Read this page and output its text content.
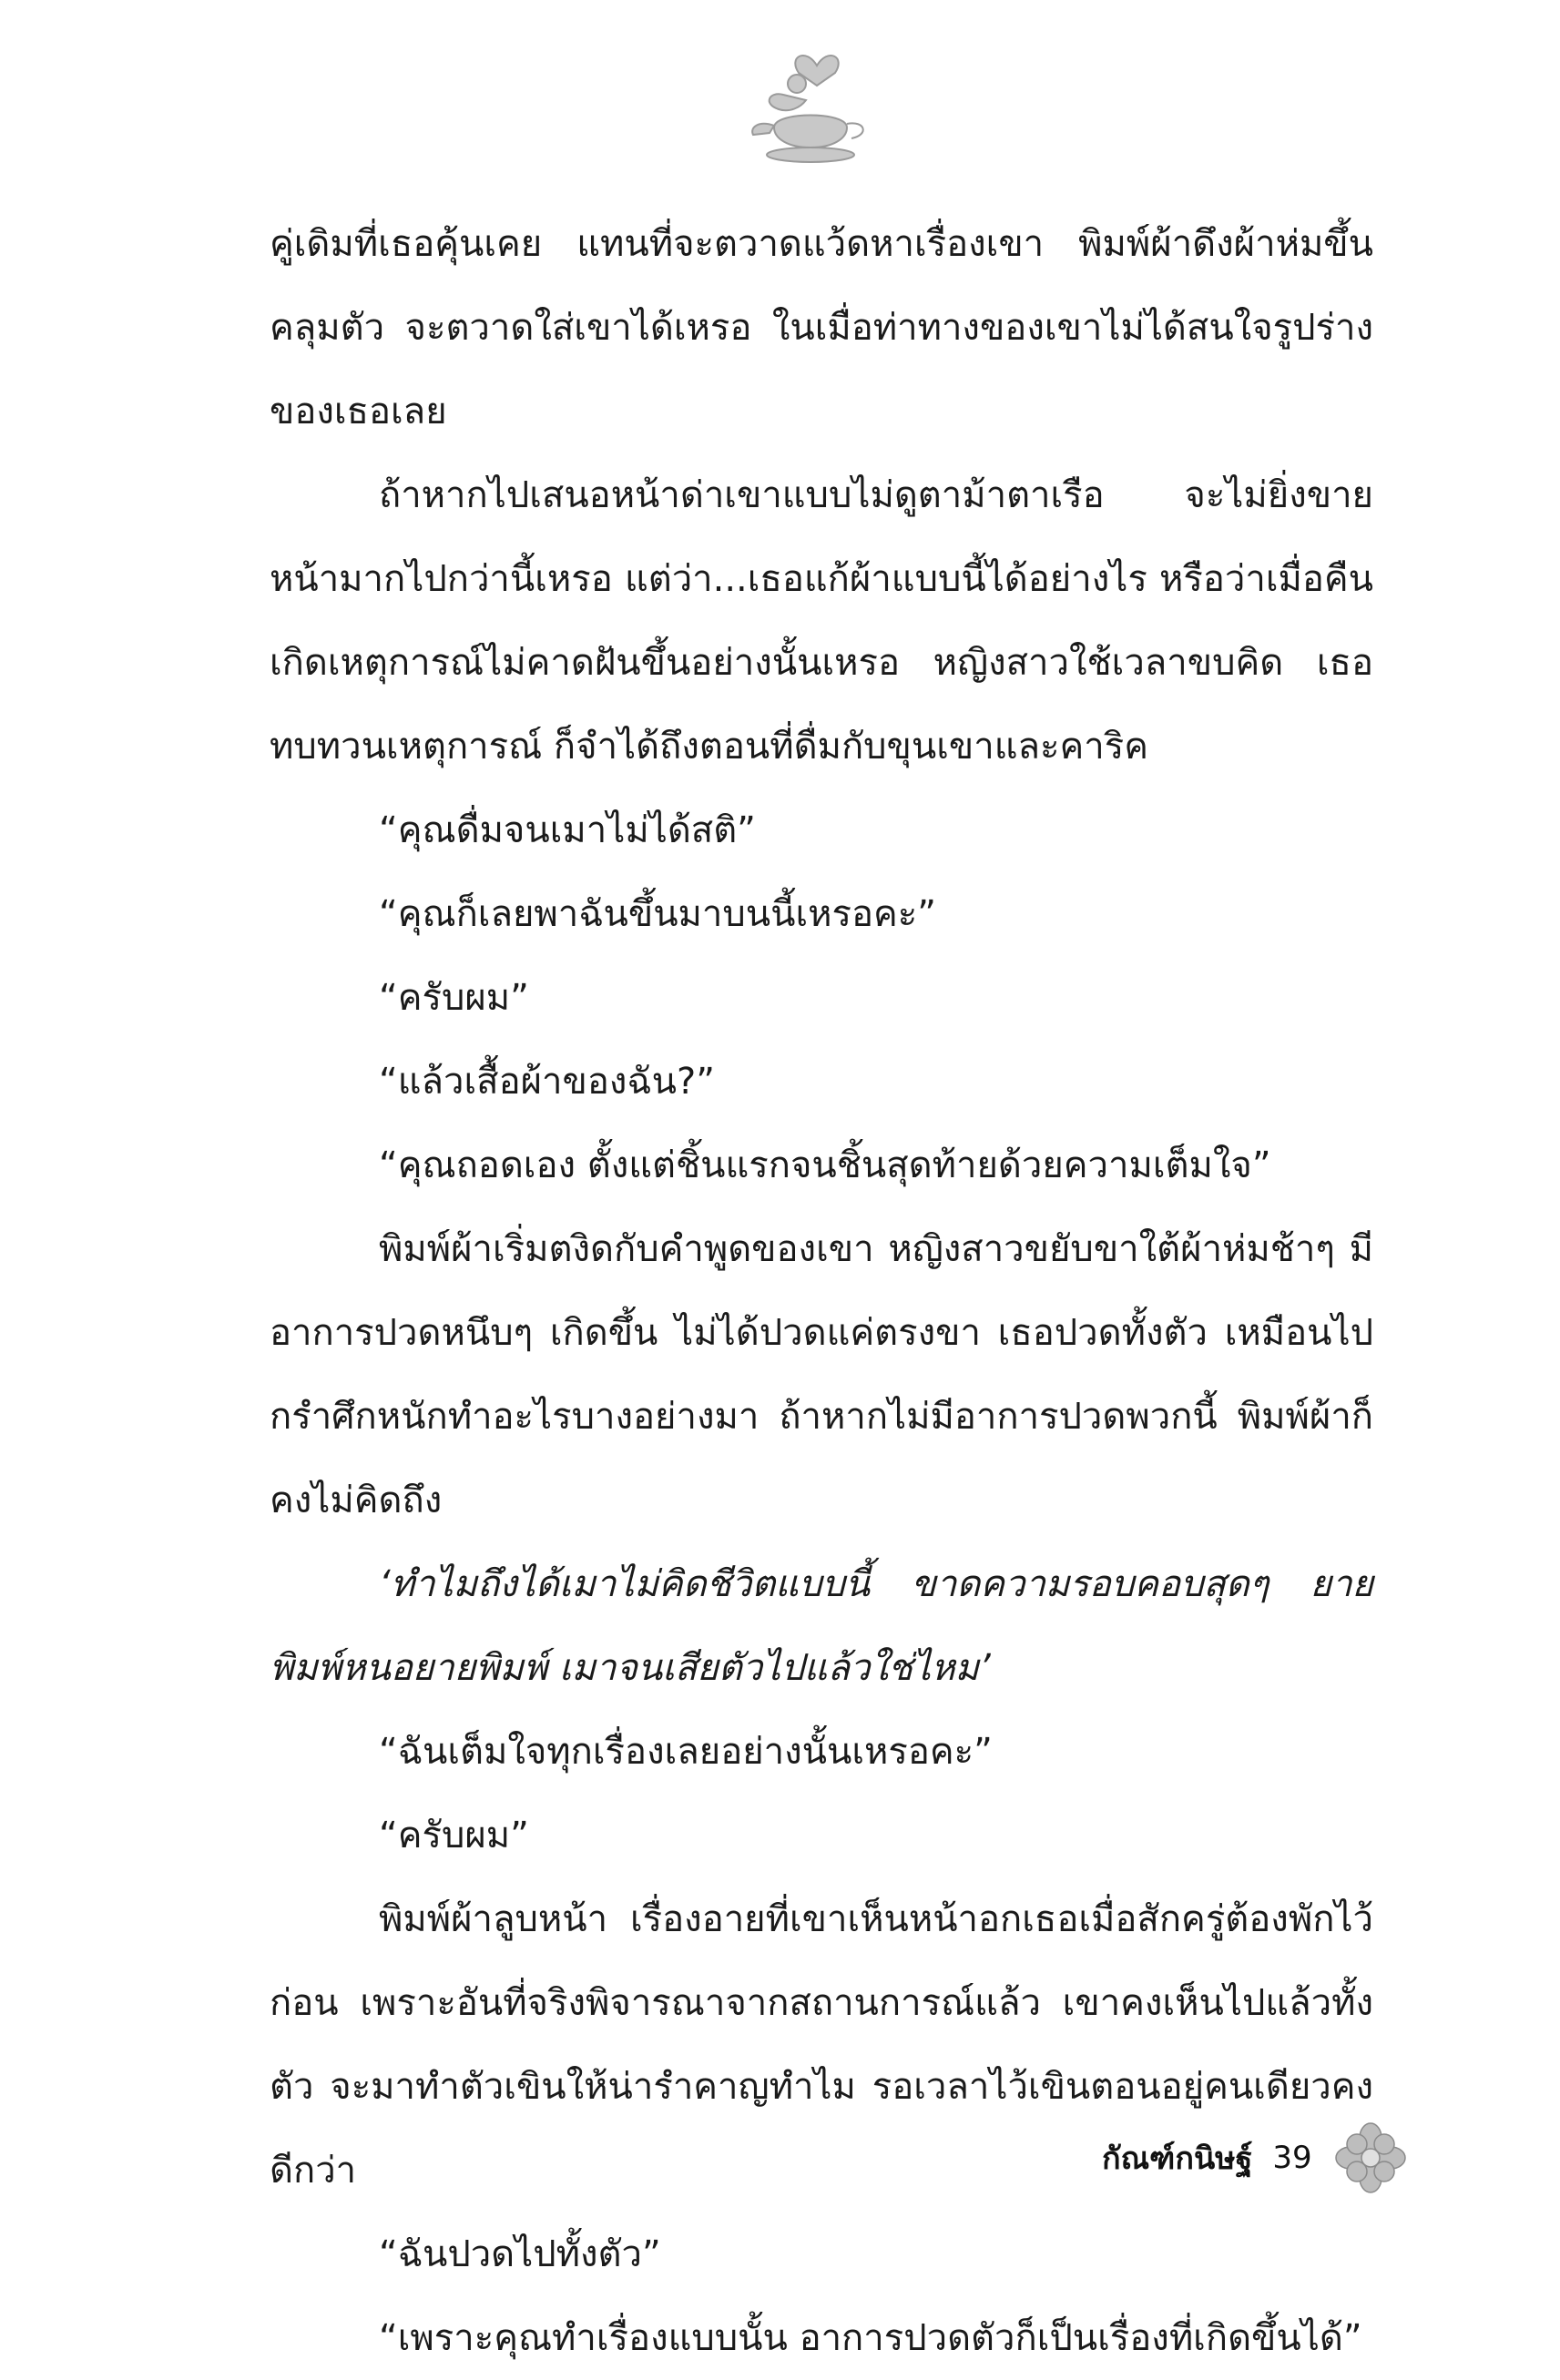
คู่เดิมที่เธอคุ้นเคย แทนที่จะตวาดแว้ดหาเรื่องเขา พิมพ์ผ้าดึงผ้าห่มขึ้นคลุมตัว จะตวาดใส่เขาได้เหรอ ในเมื่อท่าทางของเขาไม่ได้สนใจรูปร่างของเธอเลย

ถ้าหากไปเสนอหน้าด่าเขาแบบไม่ดูตาม้าตาเรือ จะไม่ยิ่งขายหน้ามากไปกว่านี้เหรอ แต่ว่า...เธอแก้ผ้าแบบนี้ได้อย่างไร หรือว่าเมื่อคืนเกิดเหตุการณ์ไม่คาดฝันขึ้นอย่างนั้นเหรอ หญิงสาวใช้เวลาขบคิด เธอทบทวนเหตุการณ์ ก็จำได้ถึงตอนที่ดื่มกับขุนเขาและคาริค

“คุณดื่มจนเมาไม่ได้สติ”

“คุณก็เลยพาฉันขึ้นมาบนนี้เหรอคะ”

“ครับผม”

“แล้วเสื้อผ้าของฉัน?”

“คุณถอดเอง ตั้งแต่ชิ้นแรกจนชิ้นสุดท้ายด้วยความเต็มใจ”

พิมพ์ผ้าเริ่มตงิดกับคำพูดของเขา หญิงสาวขยับขาใต้ผ้าห่มช้าๆ มีอาการปวดหนึบๆ เกิดขึ้น ไม่ได้ปวดแค่ตรงขา เธอปวดทั้งตัว เหมือนไปกรำศึกหนักทำอะไรบางอย่างมา ถ้าหากไม่มีอาการปวดพวกนี้ พิมพ์ผ้าก็คงไม่คิดถึง

‘ทำไมถึงได้เมาไม่คิดชีวิตแบบนี้ ขาดความรอบคอบสุดๆ ยายพิมพ์หนอยายพิมพ์ เมาจนเสียตัวไปแล้วใช่ไหม’

“ฉันเต็มใจทุกเรื่องเลยอย่างนั้นเหรอคะ”

“ครับผม”

พิมพ์ผ้าลูบหน้า เรื่องอายที่เขาเห็นหน้าอกเธอเมื่อสักครู่ต้องพักไว้ก่อน เพราะอันที่จริงพิจารณาจากสถานการณ์แล้ว เขาคงเห็นไปแล้วทั้งตัว จะมาทำตัวเขินให้น่ารำคาญทำไม รอเวลาไว้เขินตอนอยู่คนเดียวคงดีกว่า

“ฉันปวดไปทั้งตัว”

“เพราะคุณทำเรื่องแบบนั้น อาการปวดตัวก็เป็นเรื่องที่เกิดขึ้นได้”

กัณฑ์กนิษฐ์ 39
